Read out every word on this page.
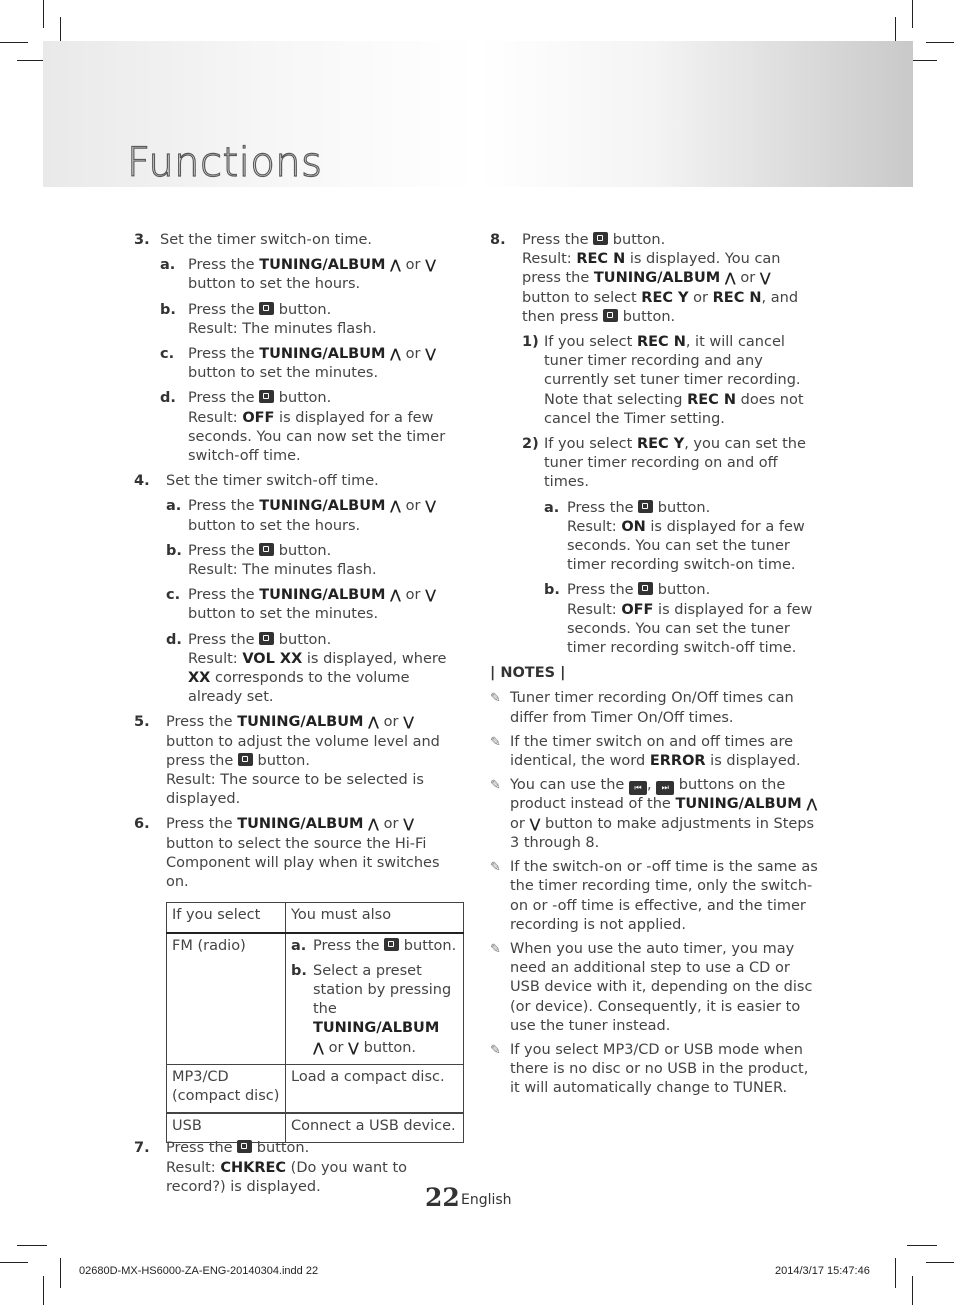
Functions
3. Set the timer switch-on time.
a. Press the TUNING/ALBUM ⋀ or ⋁ button to set the hours.
b. Press the  button.
Result: The minutes flash.
c. Press the TUNING/ALBUM ⋀ or ⋁ button to set the minutes.
d. Press the  button.
Result: OFF is displayed for a few seconds. You can now set the timer switch-off time.
4. Set the timer switch-off time.
a. Press the TUNING/ALBUM ⋀ or ⋁ button to set the hours.
b. Press the  button.
Result: The minutes flash.
c. Press the TUNING/ALBUM ⋀ or ⋁ button to set the minutes.
d. Press the  button.
Result: VOL XX is displayed, where XX corresponds to the volume already set.
5. Press the TUNING/ALBUM ⋀ or ⋁ button to adjust the volume level and press the  button.
Result: The source to be selected is displayed.
6. Press the TUNING/ALBUM ⋀ or ⋁ button to select the source the Hi-Fi Component will play when it switches on.
If you select	You must also
FM (radio)	a. Press the  button.
b. Select a preset station by pressing the TUNING/ALBUM
⋀ or ⋁ button.

MP3/CD (compact disc)	Load a compact disc.
USB	Connect a USB device.
7. Press the  button.
Result: CHKREC (Do you want to record?) is displayed.
8. Press the  button.
Result: REC N is displayed. You can press the TUNING/ALBUM ⋀ or ⋁ button to select REC Y or REC N, and then press  button.
1) If you select REC N, it will cancel tuner timer recording and any currently set tuner timer recording. Note that selecting REC N does not cancel the Timer setting.
2) If you select REC Y, you can set the tuner timer recording on and off times.
a. Press the  button.
Result: ON is displayed for a few seconds. You can set the tuner timer recording switch-on time.
b. Press the  button.
Result: OFF is displayed for a few seconds. You can set the tuner timer recording switch-off time.
| NOTES |
✎ Tuner timer recording On/Off times can differ from Timer On/Off times.
✎ If the timer switch on and off times are identical, the word ERROR is displayed.
✎ You can use the ⏮ , ⏭ buttons on the product instead of the TUNING/ALBUM ⋀ or ⋁ button to make adjustments in Steps 3 through 8.
✎ If the switch-on or -off time is the same as the timer recording time, only the switch-on or -off time is effective, and the timer recording is not applied.
✎ When you use the auto timer, you may need an additional step to use a CD or USB device with it, depending on the disc (or device). Consequently, it is easier to use the tuner instead.
✎ If you select MP3/CD or USB mode when there is no disc or no USB in the product, it will automatically change to TUNER.
22 English
02680D-MX-HS6000-ZA-ENG-20140304.indd 22	2014/3/17 15:47:46
